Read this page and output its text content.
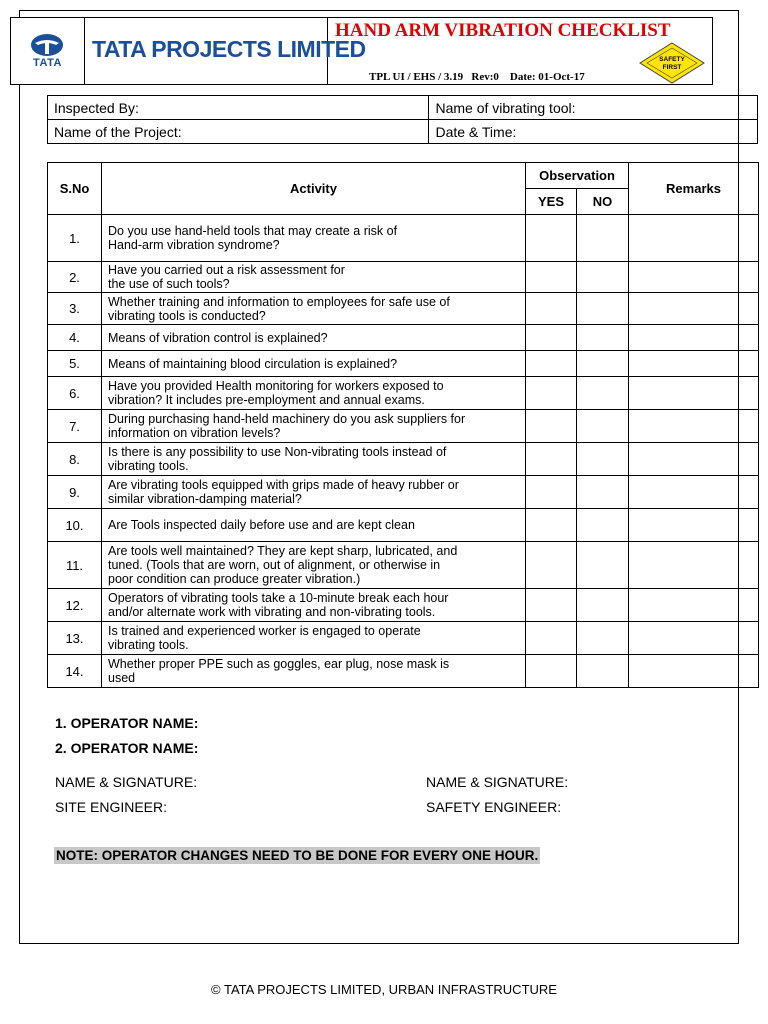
TATA
TATA PROJECTS LIMITED
HAND ARM VIBRATION CHECKLIST
TPL UI / EHS / 3.19   Rev:0    Date: 01-Oct-17
SAFETY
FIRST
Inspected By:	Name of vibrating tool:
Name of the Project:	Date & Time:
S.No	Activity	Observation		Remarks
		YES	NO	
1.	Do you use hand-held tools that may create a risk of
Hand-arm vibration syndrome?			
2.	Have you carried out a risk assessment for
the use of such tools?			
3.	Whether training and information to employees for safe use of
vibrating tools is conducted?			
4.	Means of vibration control is explained?			
5.	Means of maintaining blood circulation is explained?			
6.	Have you provided Health monitoring for workers exposed to
vibration? It includes pre-employment and annual exams.			
7.	During purchasing hand-held machinery do you ask suppliers for
information on vibration levels?			
8.	Is there is any possibility to use Non-vibrating tools instead of
vibrating tools.			
9.	Are vibrating tools equipped with grips made of heavy rubber or
similar vibration-damping material?			
10.	Are Tools inspected daily before use and are kept clean			
11.	Are tools well maintained? They are kept sharp, lubricated, and
tuned. (Tools that are worn, out of alignment, or otherwise in
poor condition can produce greater vibration.)			
12.	Operators of vibrating tools take a 10-minute break each hour
and/or alternate work with vibrating and non-vibrating tools.			
13.	Is trained and experienced worker is engaged to operate
vibrating tools.			
14.	Whether proper PPE such as goggles, ear plug, nose mask is
used			
1. OPERATOR NAME:
2. OPERATOR NAME:
NAME & SIGNATURE:
SITE ENGINEER:
NAME & SIGNATURE:
SAFETY ENGINEER:
NOTE: OPERATOR CHANGES NEED TO BE DONE FOR EVERY ONE HOUR.
© TATA PROJECTS LIMITED, URBAN INFRASTRUCTURE
